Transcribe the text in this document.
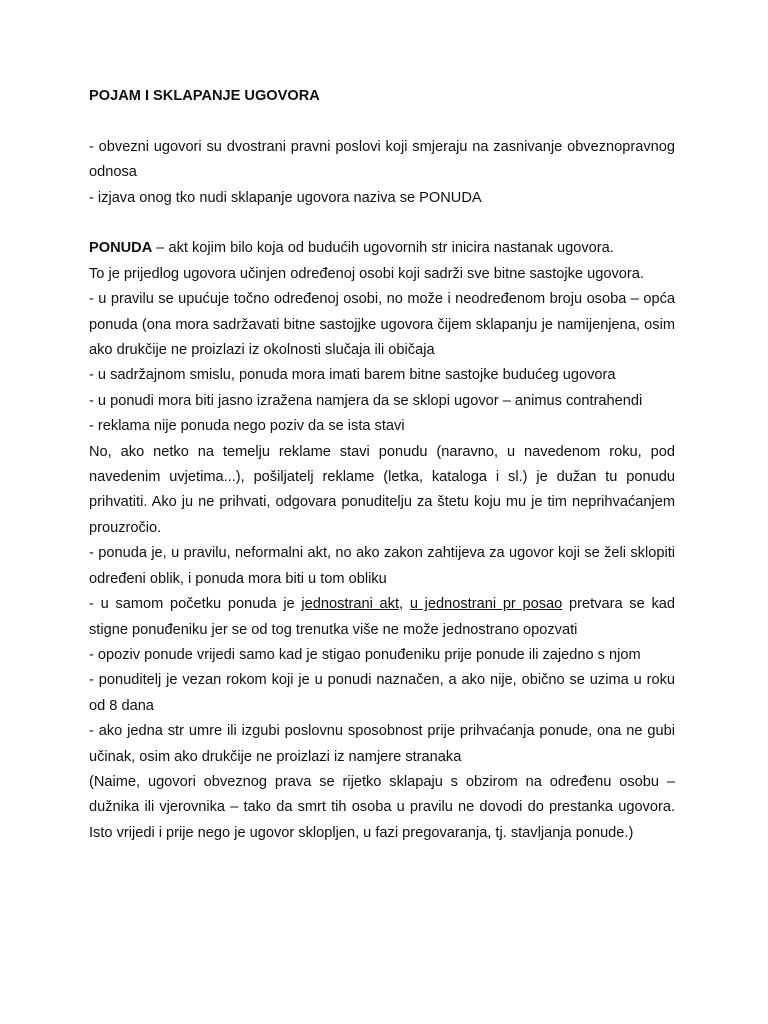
POJAM I SKLAPANJE UGOVORA

- obvezni ugovori su dvostrani pravni poslovi koji smjeraju na zasnivanje obveznopravnog odnosa

- izjava onog tko nudi sklapanje ugovora naziva se PONUDA

PONUDA – akt kojim bilo koja od budućih ugovornih str inicira nastanak ugovora.

To je prijedlog ugovora učinjen određenoj osobi koji sadrži sve bitne sastojke ugovora.

- u pravilu se upućuje točno određenoj osobi, no može i neodređenom broju osoba – opća ponuda (ona mora sadržavati bitne sastojjke ugovora čijem sklapanju je namijenjena, osim ako drukčije ne proizlazi iz okolnosti slučaja ili običaja

- u sadržajnom smislu, ponuda mora imati barem bitne sastojke budućeg ugovora

- u ponudi mora biti jasno izražena namjera da se sklopi ugovor – animus contrahendi

- reklama nije ponuda nego poziv da se ista stavi

No, ako netko na temelju reklame stavi ponudu (naravno, u navedenom roku, pod navedenim uvjetima...), pošiljatelj reklame (letka, kataloga i sl.) je dužan tu ponudu prihvatiti. Ako ju ne prihvati, odgovara ponuditelju za štetu koju mu je tim neprihvaćanjem prouzročio.

- ponuda je, u pravilu, neformalni akt, no ako zakon zahtijeva za ugovor koji se želi sklopiti određeni oblik, i ponuda mora biti u tom obliku

- u samom početku ponuda je jednostrani akt, u jednostrani pr posao pretvara se kad stigne ponuđeniku jer se od tog trenutka više ne može jednostrano opozvati

- opoziv ponude vrijedi samo kad je stigao ponuđeniku prije ponude ili zajedno s njom

- ponuditelj je vezan rokom koji je u ponudi naznačen, a ako nije, obično se uzima u roku od 8 dana

- ako jedna str umre ili izgubi poslovnu sposobnost prije prihvaćanja ponude, ona ne gubi učinak, osim ako drukčije ne proizlazi iz namjere stranaka

(Naime, ugovori obveznog prava se rijetko sklapaju s obzirom na određenu osobu – dužnika ili vjerovnika – tako da smrt tih osoba u pravilu ne dovodi do prestanka ugovora. Isto vrijedi i prije nego je ugovor sklopljen, u fazi pregovaranja, tj. stavljanja ponude.)
